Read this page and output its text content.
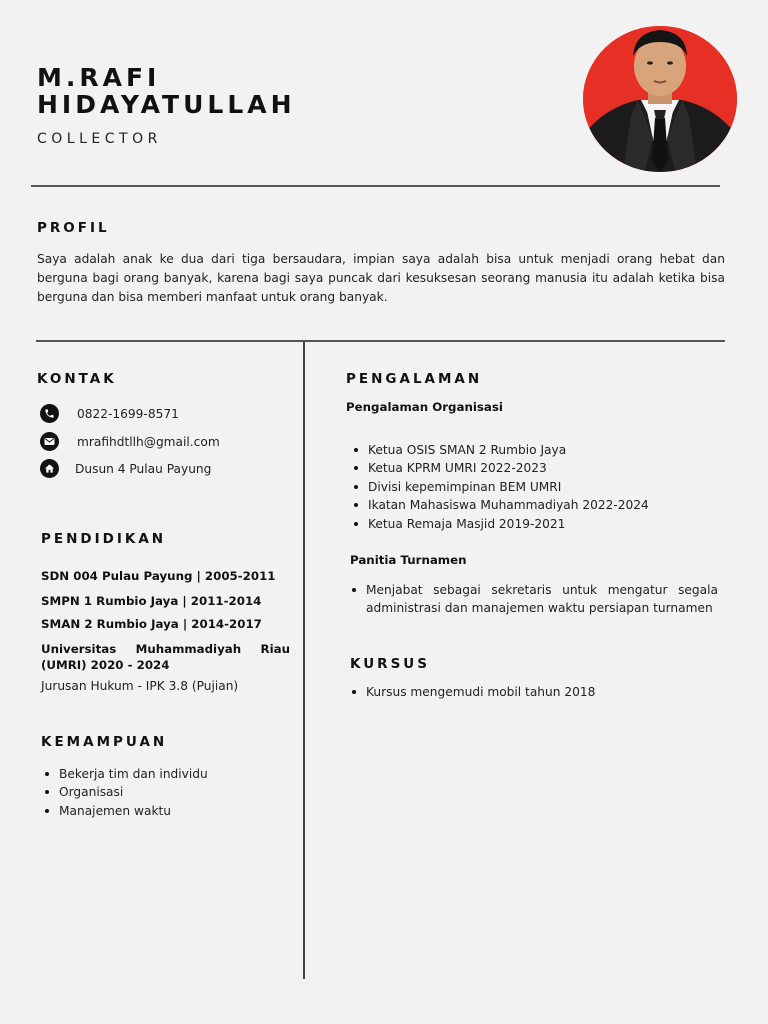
M.RAFI
HIDAYATULLAH
COLLECTOR
PROFIL
Saya adalah anak ke dua dari tiga bersaudara, impian saya adalah bisa untuk menjadi orang hebat dan berguna bagi orang banyak, karena bagi saya puncak dari kesuksesan seorang manusia itu adalah ketika bisa berguna dan bisa memberi manfaat untuk orang banyak.
KONTAK
0822-1699-8571
mrafihdtllh@gmail.com
Dusun 4 Pulau Payung
PENDIDIKAN
SDN 004 Pulau Payung | 2005-2011
SMPN 1 Rumbio Jaya | 2011-2014
SMAN 2 Rumbio Jaya | 2014-2017
Universitas Muhammadiyah Riau
(UMRI) 2020 - 2024
Jurusan Hukum - IPK 3.8 (Pujian)
KEMAMPUAN
Bekerja tim dan individu
Organisasi
Manajemen waktu
PENGALAMAN
Pengalaman Organisasi
Ketua OSIS SMAN 2 Rumbio Jaya
Ketua KPRM UMRI 2022-2023
Divisi kepemimpinan BEM UMRI
Ikatan Mahasiswa Muhammadiyah 2022-2024
Ketua Remaja Masjid 2019-2021
Panitia Turnamen
Menjabat sebagai sekretaris untuk mengatur segala administrasi dan manajemen waktu persiapan turnamen
KURSUS
Kursus mengemudi mobil tahun 2018
